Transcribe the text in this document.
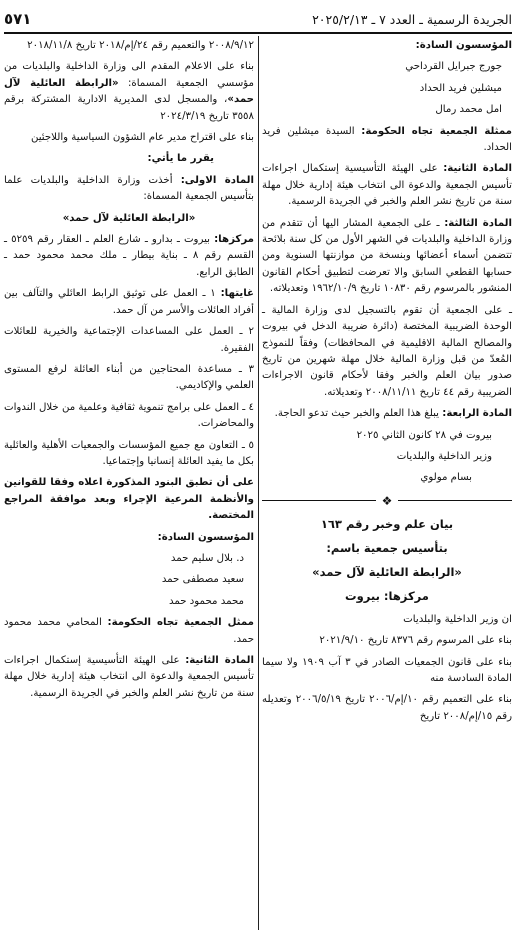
الجريدة الرسمية ـ العدد ٧ ـ ٢٠٢٥/٢/١٣
٥٧١

المؤسسون السادة:

جورج جبرايل القرداحي

ميشلين فريد الحداد

امل محمد رمال

ممثلة الجمعية تجاه الحكومة: السيدة ميشلين فريد الحداد.

المادة الثانية: على الهيئة التأسيسية إستكمال اجراءات تأسيس الجمعية والدعوة الى انتخاب هيئة إدارية خلال مهلة سنة من تاريخ نشر العلم والخبر في الجريدة الرسمية.

المادة الثالثة: ـ على الجمعية المشار اليها أن تتقدم من وزارة الداخلية والبلديات في الشهر الأول من كل سنة بلائحة تتضمن أسماء أعضائها وبنسخة من موازنتها السنوية ومن حسابها القطعي السابق والا تعرضت لتطبيق أحكام القانون المنشور بالمرسوم رقم ١٠٨٣٠ تاريخ ١٩٦٢/١٠/٩ وتعديلاته.

ـ على الجمعية أن تقوم بالتسجيل لدى وزارة المالية ـ الوحدة الضريبية المختصة (دائرة ضريبة الدخل في بيروت والمصالح المالية الاقليمية في المحافظات) وفقاً للنموذج المُعدّ من قبل وزارة المالية خلال مهلة شهرين من تاريخ صدور بيان العلم والخبر وفقا لأحكام قانون الاجراءات الضريبية رقم ٤٤ تاريخ ٢٠٠٨/١١/١١ وتعديلاته.

المادة الرابعة: يبلغ هذا العلم والخبر حيث تدعو الحاجة.

بيروت في ٢٨ كانون الثاني ٢٠٢٥

وزير الداخلية والبلديات

بسام مولوي

❖

بيان علم وخبر رقم ١٦٣

بتأسيس جمعية باسم:

«الرابطة العائلية لآل حمد»

مركزها: بيروت

ان وزير الداخلية والبلديات

بناء على المرسوم رقم ٨٣٧٦ تاريخ ٢٠٢١/٩/١٠

بناء على قانون الجمعيات الصادر في ٣ آب ١٩٠٩ ولا سيما المادة السادسة منه

بناء على التعميم رقم ١٠/إم/٢٠٠٦ تاريخ ٢٠٠٦/٥/١٩ وتعديله رقم ١٥/إم/٢٠٠٨ تاريخ

٢٠٠٨/٩/١٢ والتعميم رقم ٢٤/إم/٢٠١٨ تاريخ ٢٠١٨/١١/٨

بناء على الاعلام المقدم الى وزارة الداخلية والبلديات من مؤسسي الجمعية المسماة: «الرابطة العائلية لآل حمد»، والمسجل لدى المديرية الادارية المشتركة برقم ٣٥٥٨ تاريخ ٢٠٢٤/٣/١٩

بناء على اقتراح مدير عام الشؤون السياسية واللاجئين

يقرر ما يأتي:

المادة الاولى: أخذت وزارة الداخلية والبلديات علما بتأسيس الجمعية المسماة:

«الرابطة العائلية لآل حمد»

مركزها: بيروت ـ بدارو ـ شارع العلم ـ العقار رقم ٥٢٥٩ ـ القسم رقم ٨ ـ بناية بيطار ـ ملك محمد محمود حمد ـ الطابق الرابع.

غايتها: ١ ـ العمل على توثيق الرابط العائلي والتآلف بين أفراد العائلات والأسر من آل حمد.

٢ ـ العمل على المساعدات الإجتماعية والخيرية للعائلات الفقيرة.

٣ ـ مساعدة المحتاجين من أبناء العائلة لرفع المستوى العلمي والإكاديمي.

٤ ـ العمل على برامج تنموية ثقافية وعلمية من خلال الندوات والمحاضرات.

٥ ـ التعاون مع جميع المؤسسات والجمعيات الأهلية والعائلية بكل ما يفيد العائلة إنسانيا وإجتماعيا.

على أن تطبق البنود المذكورة اعلاه وفقا للقوانين والأنظمة المرعية الإجراء وبعد موافقة المراجع المختصة.

المؤسسون السادة:

د. بلال سليم حمد

سعيد مصطفى حمد

محمد محمود حمد

ممثل الجمعية تجاه الحكومة: المحامي محمد محمود حمد.

المادة الثانية: على الهيئة التأسيسية إستكمال اجراءات تأسيس الجمعية والدعوة الى انتخاب هيئة إدارية خلال مهلة سنة من تاريخ نشر العلم والخبر في الجريدة الرسمية.
